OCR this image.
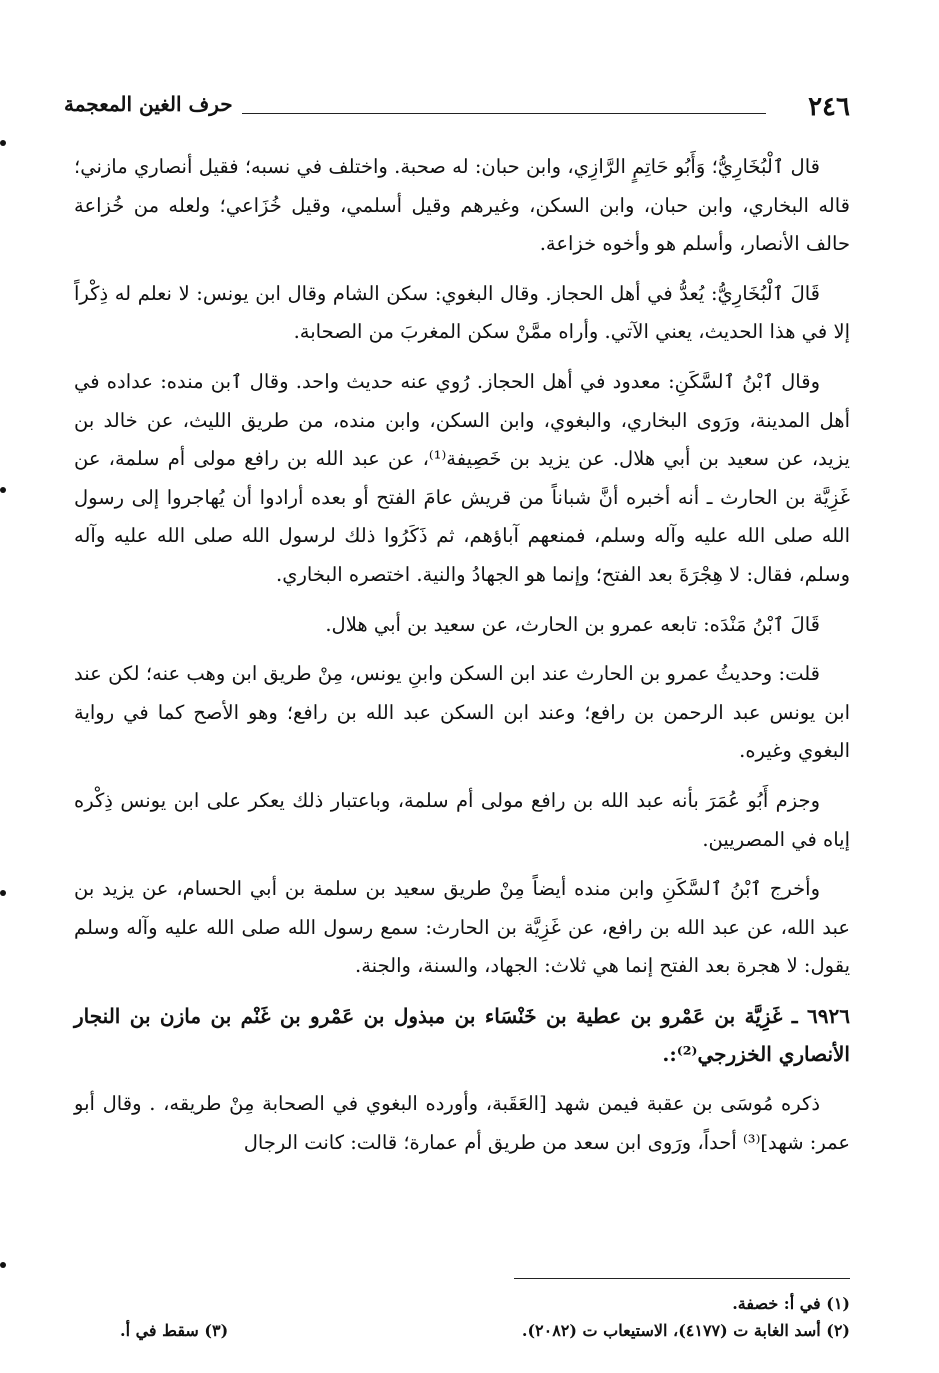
٢٤٦
حرف الغين المعجمة

قال ٱلْبُخَارِيُّ؛ وَأَبُو حَاتِمٍ الرَّازِي، وابن حبان: له صحبة. واختلف في نسبه؛ فقيل أنصاري مازني؛ قاله البخاري، وابن حبان، وابن السكن، وغيرهم وقيل أسلمي، وقيل خُزَاعي؛ ولعله من خُزاعة حالف الأنصار، وأسلم هو وأخوه خزاعة.

قَالَ ٱلْبُخَارِيُّ: يُعدُّ في أهل الحجاز. وقال البغوي: سكن الشام وقال ابن يونس: لا نعلم له ذِكْراً إلا في هذا الحديث، يعني الآتي. وأراه ممَّنْ سكن المغربَ من الصحابة.

وقال ٱبْنُ ٱلسَّكَنِ: معدود في أهل الحجاز. رُوي عنه حديث واحد. وقال ٱبن منده: عداده في أهل المدينة، ورَوى البخاري، والبغوي، وابن السكن، وابن منده، من طريق الليث، عن خالد بن يزيد، عن سعيد بن أبي هلال. عن يزيد بن خَصِيفة⁽¹⁾، عن عبد الله بن رافع مولى أم سلمة، عن غَزِيَّة بن الحارث ـ أنه أخبره أنَّ شباناً من قريش عامَ الفتح أو بعده أرادوا أن يُهاجروا إلى رسول الله صلى الله عليه وآله وسلم، فمنعهم آباؤهم، ثم ذَكَرُوا ذلك لرسول الله صلى الله عليه وآله وسلم، فقال: لا هِجْرَةَ بعد الفتح؛ وإنما هو الجهادُ والنية. اختصره البخاري.

قَالَ ٱبْنُ مَنْدَه: تابعه عمرو بن الحارث، عن سعيد بن أبي هلال.

قلت: وحديثُ عمرو بن الحارث عند ابن السكن وابنِ يونس، مِنْ طريق ابن وهب عنه؛ لكن عند ابن يونس عبد الرحمن بن رافع؛ وعند ابن السكن عبد الله بن رافع؛ وهو الأصح كما في رواية البغوي وغيره.

وجزم أَبُو عُمَرَ بأنه عبد الله بن رافع مولى أم سلمة، وباعتبار ذلك يعكر على ابن يونس ذِكْره إياه في المصريين.

وأخرج ٱبْنُ ٱلسَّكَنِ وابن منده أيضاً مِنْ طريق سعيد بن سلمة بن أبي الحسام، عن يزيد بن عبد الله، عن عبد الله بن رافع، عن غَزِيَّة بن الحارث: سمع رسول الله صلى الله عليه وآله وسلم يقول: لا هجرة بعد الفتح إنما هي ثلاث: الجهاد، والسنة، والجنة.

٦٩٢٦ ـ غَزِيَّة بن عَمْرو بن عطية بن خَنْسَاء بن مبذول بن عَمْرو بن غَنْم بن مازن بن النجار الأنصاري الخزرجي⁽²⁾:.

ذكره مُوسَى بن عقبة فيمن شهد [العَقَبة، وأورده البغوي في الصحابة مِنْ طريقه، . وقال أبو عمر: شهد]⁽³⁾ أحداً، ورَوى ابن سعد من طريق أم عمارة؛ قالت: كانت الرجال

(١) في أ: خصفة.
(٢) أسد الغابة ت (٤١٧٧)، الاستيعاب ت (٢٠٨٢).
(٣) سقط في أ.
